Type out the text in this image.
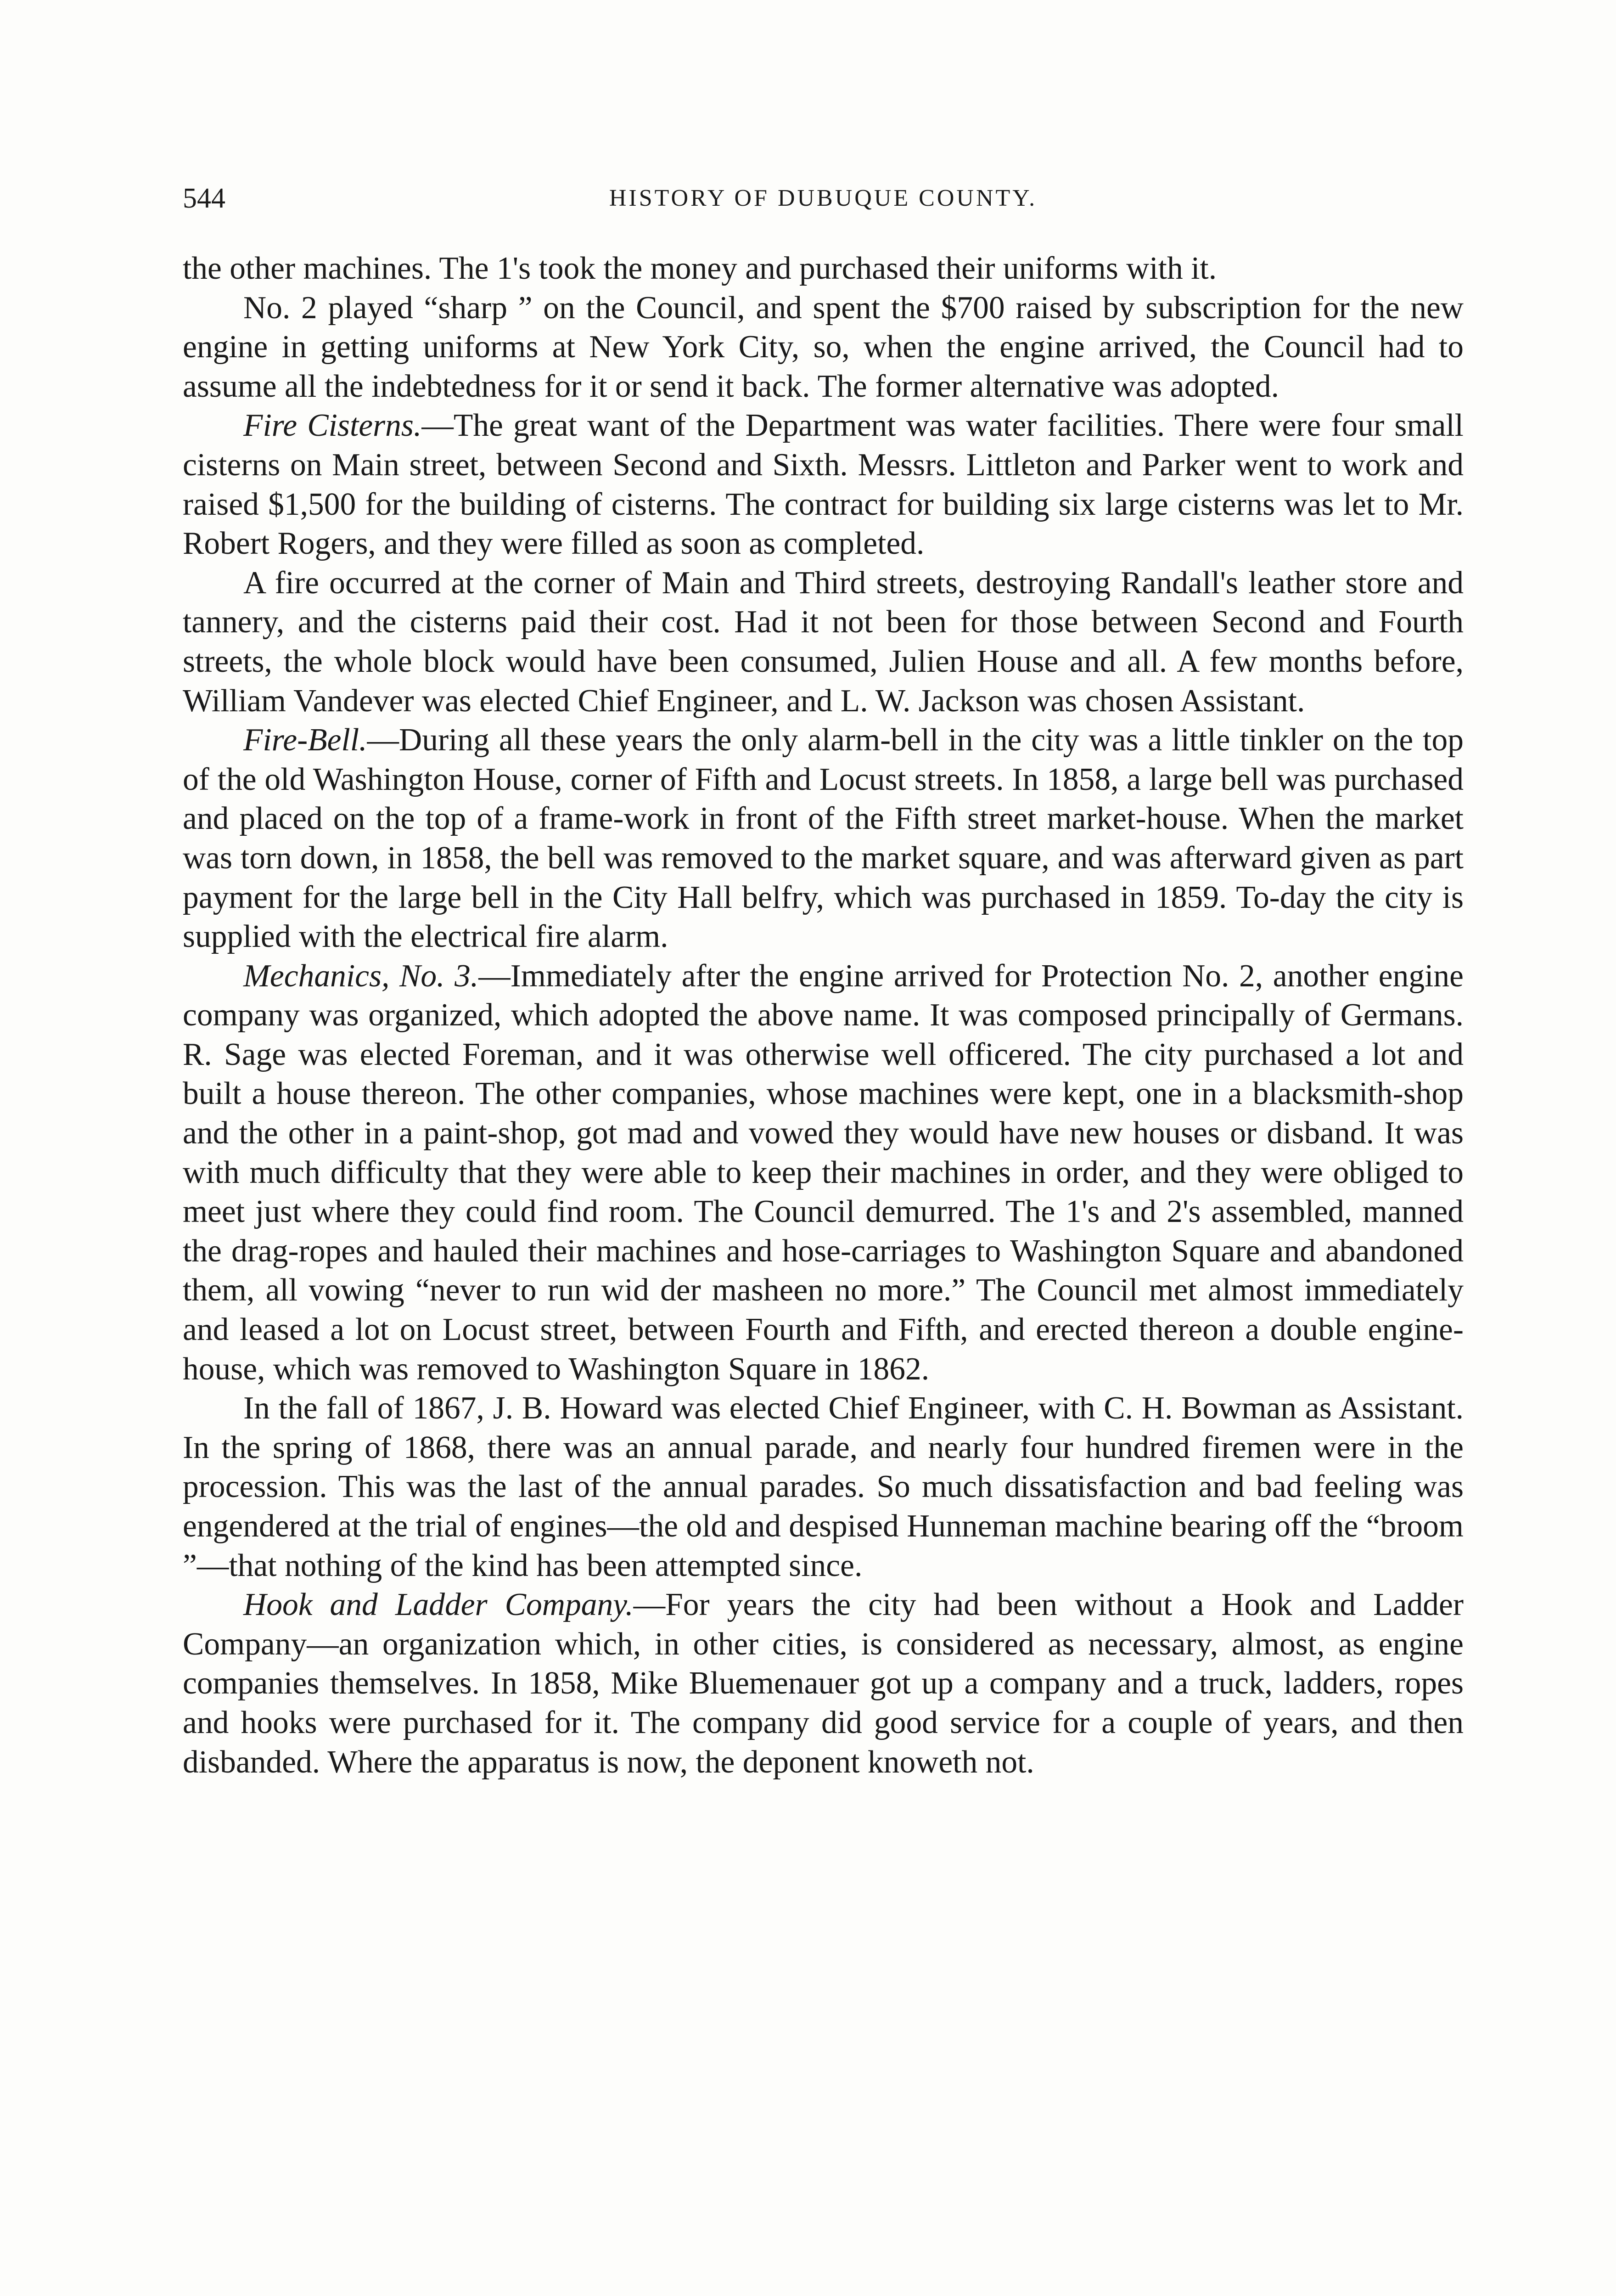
544	HISTORY OF DUBUQUE COUNTY.

the other machines. The 1's took the money and purchased their uniforms with it.

No. 2 played “sharp ” on the Council, and spent the $700 raised by subscription for the new engine in getting uniforms at New York City, so, when the engine arrived, the Council had to assume all the indebtedness for it or send it back. The former alternative was adopted.

Fire Cisterns.—The great want of the Department was water facilities. There were four small cisterns on Main street, between Second and Sixth. Messrs. Littleton and Parker went to work and raised $1,500 for the building of cisterns. The contract for building six large cisterns was let to Mr. Robert Rogers, and they were filled as soon as completed.

A fire occurred at the corner of Main and Third streets, destroying Randall's leather store and tannery, and the cisterns paid their cost. Had it not been for those between Second and Fourth streets, the whole block would have been consumed, Julien House and all. A few months before, William Vandever was elected Chief Engineer, and L. W. Jackson was chosen Assistant.

Fire-Bell.—During all these years the only alarm-bell in the city was a little tinkler on the top of the old Washington House, corner of Fifth and Locust streets. In 1858, a large bell was purchased and placed on the top of a frame-work in front of the Fifth street market-house. When the market was torn down, in 1858, the bell was removed to the market square, and was afterward given as part payment for the large bell in the City Hall belfry, which was purchased in 1859. To-day the city is supplied with the electrical fire alarm.

Mechanics, No. 3.—Immediately after the engine arrived for Protection No. 2, another engine company was organized, which adopted the above name. It was composed principally of Germans. R. Sage was elected Foreman, and it was otherwise well officered. The city purchased a lot and built a house thereon. The other companies, whose machines were kept, one in a blacksmith-shop and the other in a paint-shop, got mad and vowed they would have new houses or disband. It was with much difficulty that they were able to keep their machines in order, and they were obliged to meet just where they could find room. The Council demurred. The 1's and 2's assembled, manned the drag-ropes and hauled their machines and hose-carriages to Washington Square and abandoned them, all vowing “never to run wid der masheen no more.” The Council met almost immediately and leased a lot on Locust street, between Fourth and Fifth, and erected thereon a double engine-house, which was removed to Washington Square in 1862.

In the fall of 1867, J. B. Howard was elected Chief Engineer, with C. H. Bowman as Assistant. In the spring of 1868, there was an annual parade, and nearly four hundred firemen were in the procession. This was the last of the annual parades. So much dissatisfaction and bad feeling was engendered at the trial of engines—the old and despised Hunneman machine bearing off the “broom ”—that nothing of the kind has been attempted since.

Hook and Ladder Company.—For years the city had been without a Hook and Ladder Company—an organization which, in other cities, is considered as necessary, almost, as engine companies themselves. In 1858, Mike Bluemenauer got up a company and a truck, ladders, ropes and hooks were purchased for it. The company did good service for a couple of years, and then disbanded. Where the apparatus is now, the deponent knoweth not.
